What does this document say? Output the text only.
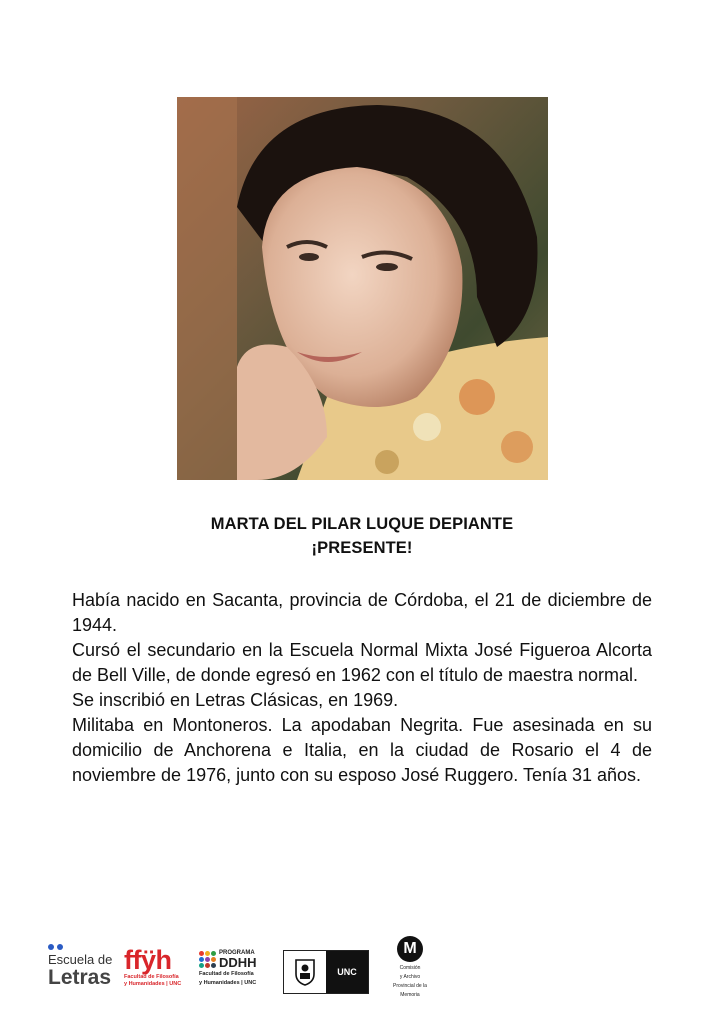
MARTA DEL PILAR LUQUE DEPIANTE
¡PRESENTE!

Había nacido en Sacanta, provincia de Córdoba, el 21 de diciembre de 1944.

Cursó el secundario en la Escuela Normal Mixta José Figueroa Alcorta de Bell Ville, de donde egresó en 1962 con el título de maestra normal.

Se inscribió en Letras Clásicas, en 1969.

Militaba en Montoneros. La apodaban Negrita. Fue asesinada en su domicilio de Anchorena e Italia, en la ciudad de Rosario el 4 de noviembre de 1976, junto con su esposo José Ruggero. Tenía 31 años.

Escuela de
Letras
ffÿh
Facultad de Filosofía
y Humanidades | UNC
PROGRAMA
DDHH
Facultad de Filosofía
y Humanidades | UNC
UNC
M
Comisión
y Archivo
Provincial de la
Memoria
